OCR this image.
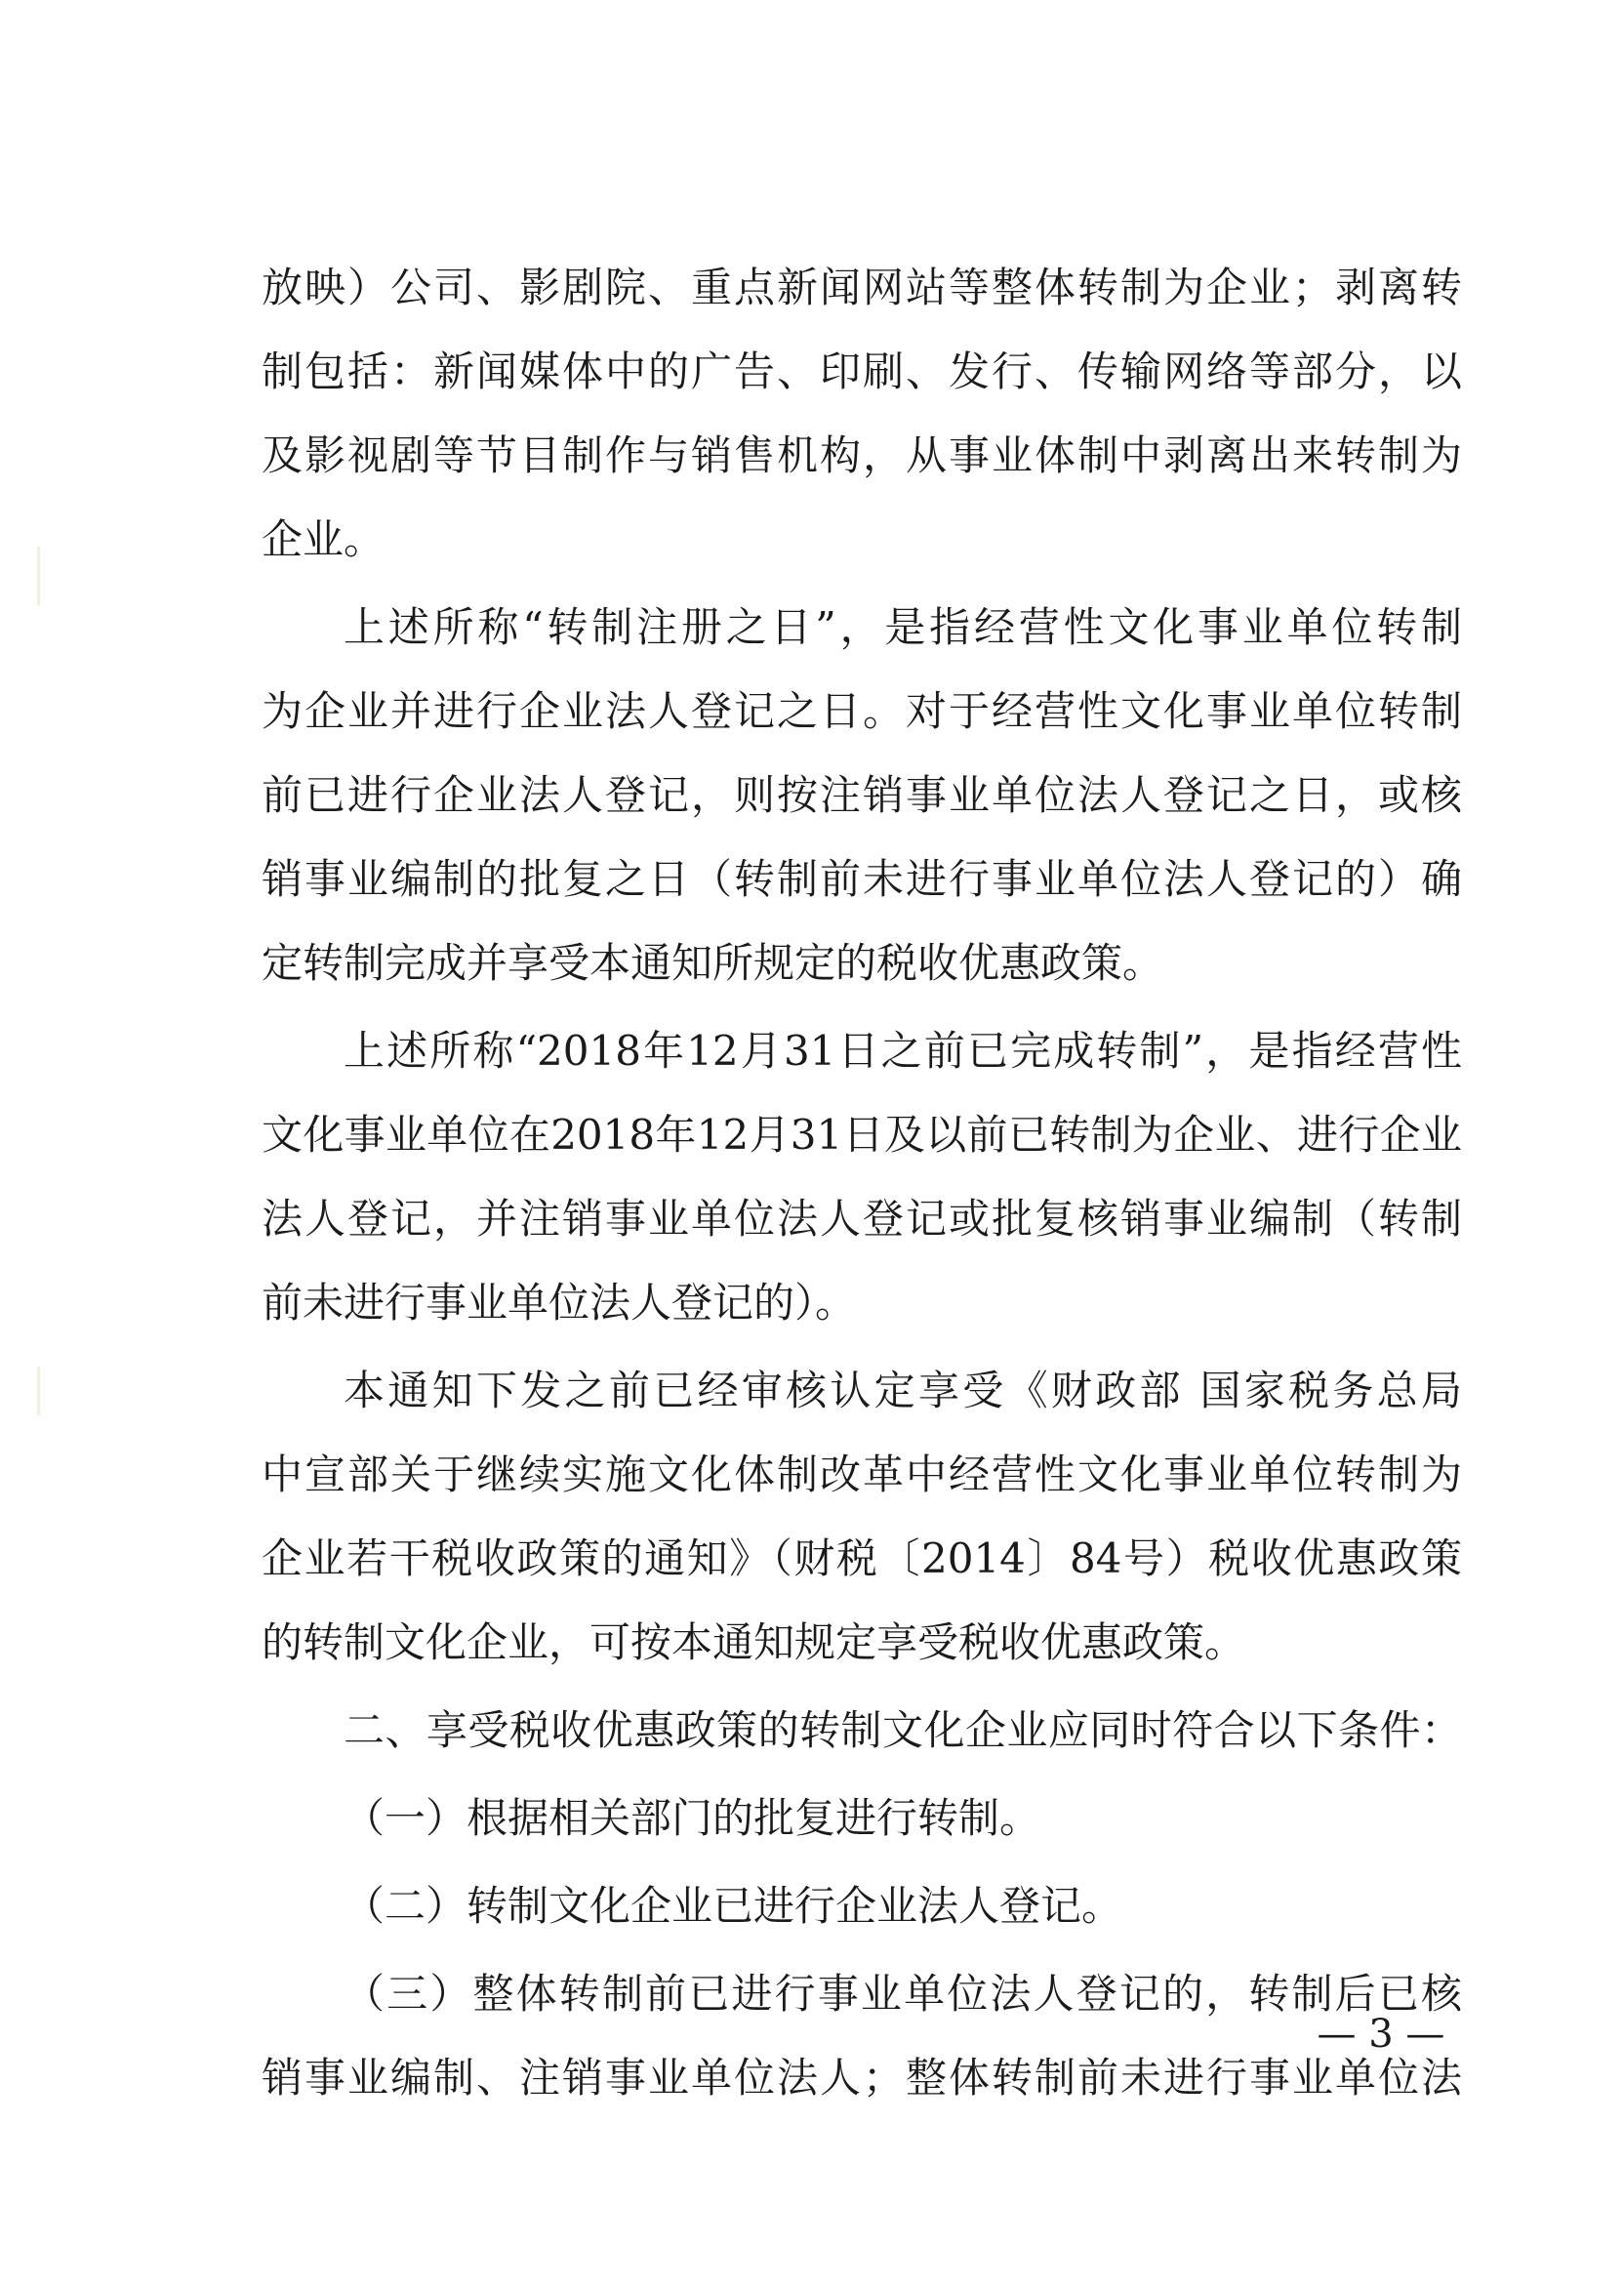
放映）公司、影剧院、重点新闻网站等整体转制为企业；剥离转
制包括：新闻媒体中的广告、印刷、发行、传输网络等部分，以
及影视剧等节目制作与销售机构，从事业体制中剥离出来转制为
企业。
上述所称“转制注册之日”，是指经营性文化事业单位转制
为企业并进行企业法人登记之日。对于经营性文化事业单位转制
前已进行企业法人登记，则按注销事业单位法人登记之日，或核
销事业编制的批复之日（转制前未进行事业单位法人登记的）确
定转制完成并享受本通知所规定的税收优惠政策。
上述所称“2018年12月31日之前已完成转制”，是指经营性
文化事业单位在2018年12月31日及以前已转制为企业、进行企业
法人登记，并注销事业单位法人登记或批复核销事业编制（转制
前未进行事业单位法人登记的）。
本通知下发之前已经审核认定享受《财政部 国家税务总局
中宣部关于继续实施文化体制改革中经营性文化事业单位转制为
企业若干税收政策的通知》（财税〔2014〕84号）税收优惠政策
的转制文化企业，可按本通知规定享受税收优惠政策。
二、享受税收优惠政策的转制文化企业应同时符合以下条件：
（一）根据相关部门的批复进行转制。
（二）转制文化企业已进行企业法人登记。
（三）整体转制前已进行事业单位法人登记的，转制后已核
销事业编制、注销事业单位法人；整体转制前未进行事业单位法
— 3 —
